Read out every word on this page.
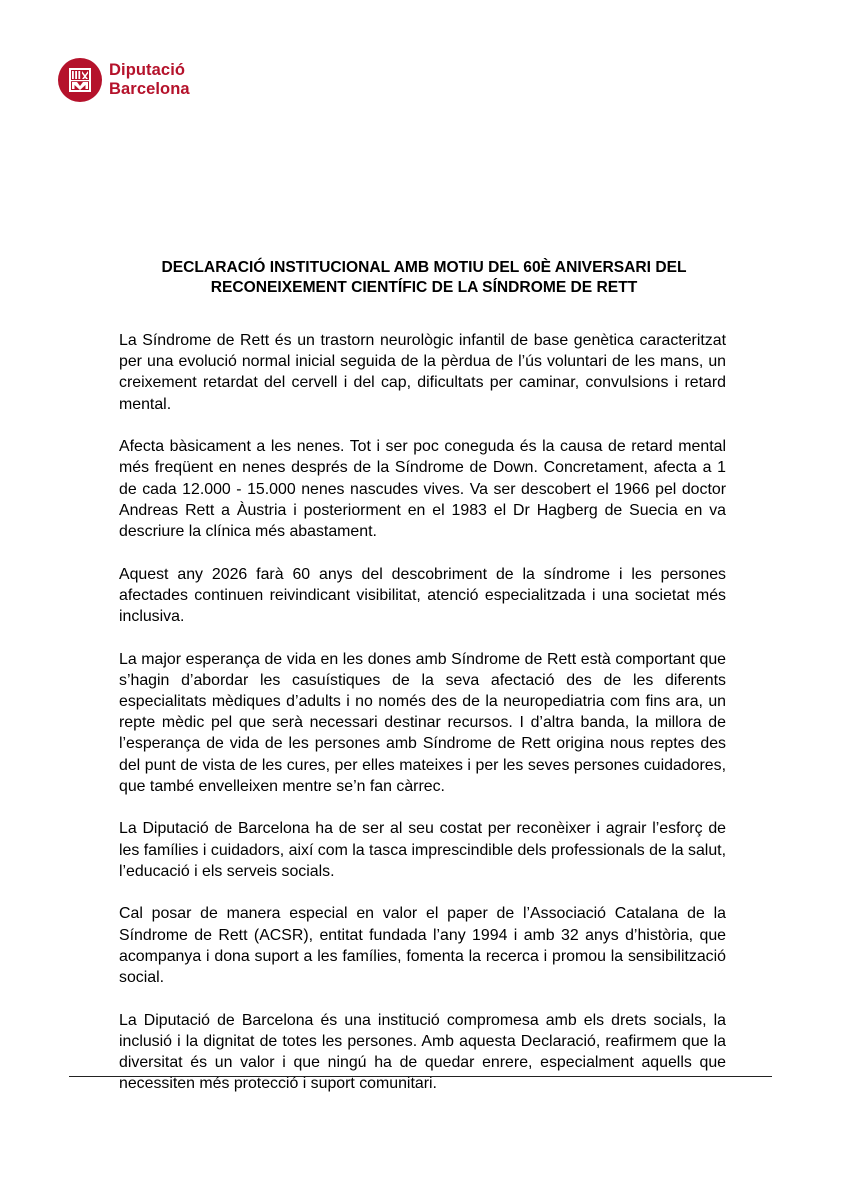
Diputació
Barcelona
DECLARACIÓ INSTITUCIONAL AMB MOTIU DEL 60È ANIVERSARI DEL
RECONEIXEMENT CIENTÍFIC DE LA SÍNDROME DE RETT

La Síndrome de Rett és un trastorn neurològic infantil de base genètica caracteritzat per una evolució normal inicial seguida de la pèrdua de l’ús voluntari de les mans, un creixement retardat del cervell i del cap, dificultats per caminar, convulsions i retard mental.

Afecta bàsicament a les nenes. Tot i ser poc coneguda és la causa de retard mental més freqüent en nenes després de la Síndrome de Down. Concretament, afecta a 1 de cada 12.000 - 15.000 nenes nascudes vives. Va ser descobert el 1966 pel doctor Andreas Rett a Àustria i posteriorment en el 1983 el Dr Hagberg de Suecia en va descriure la clínica més abastament.

Aquest any 2026 farà 60 anys del descobriment de la síndrome i les persones afectades continuen reivindicant visibilitat, atenció especialitzada i una societat més inclusiva.

La major esperança de vida en les dones amb Síndrome de Rett està comportant que s’hagin d’abordar les casuístiques de la seva afectació des de les diferents especialitats mèdiques d’adults i no només des de la neuropediatria com fins ara, un repte mèdic pel que serà necessari destinar recursos. I d’altra banda, la millora de l’esperança de vida de les persones amb Síndrome de Rett origina nous reptes des del punt de vista de les cures, per elles mateixes i per les seves persones cuidadores, que també envelleixen mentre se’n fan càrrec.

La Diputació de Barcelona ha de ser al seu costat per reconèixer i agrair l’esforç de les famílies i cuidadors, així com la tasca imprescindible dels professionals de la salut, l’educació i els serveis socials.

Cal posar de manera especial en valor el paper de l’Associació Catalana de la Síndrome de Rett (ACSR), entitat fundada l’any 1994 i amb 32 anys d’història, que acompanya i dona suport a les famílies, fomenta la recerca i promou la sensibilització social.

La Diputació de Barcelona és una institució compromesa amb els drets socials, la inclusió i la dignitat de totes les persones. Amb aquesta Declaració, reafirmem que la diversitat és un valor i que ningú ha de quedar enrere, especialment aquells que necessiten més protecció i suport comunitari.
